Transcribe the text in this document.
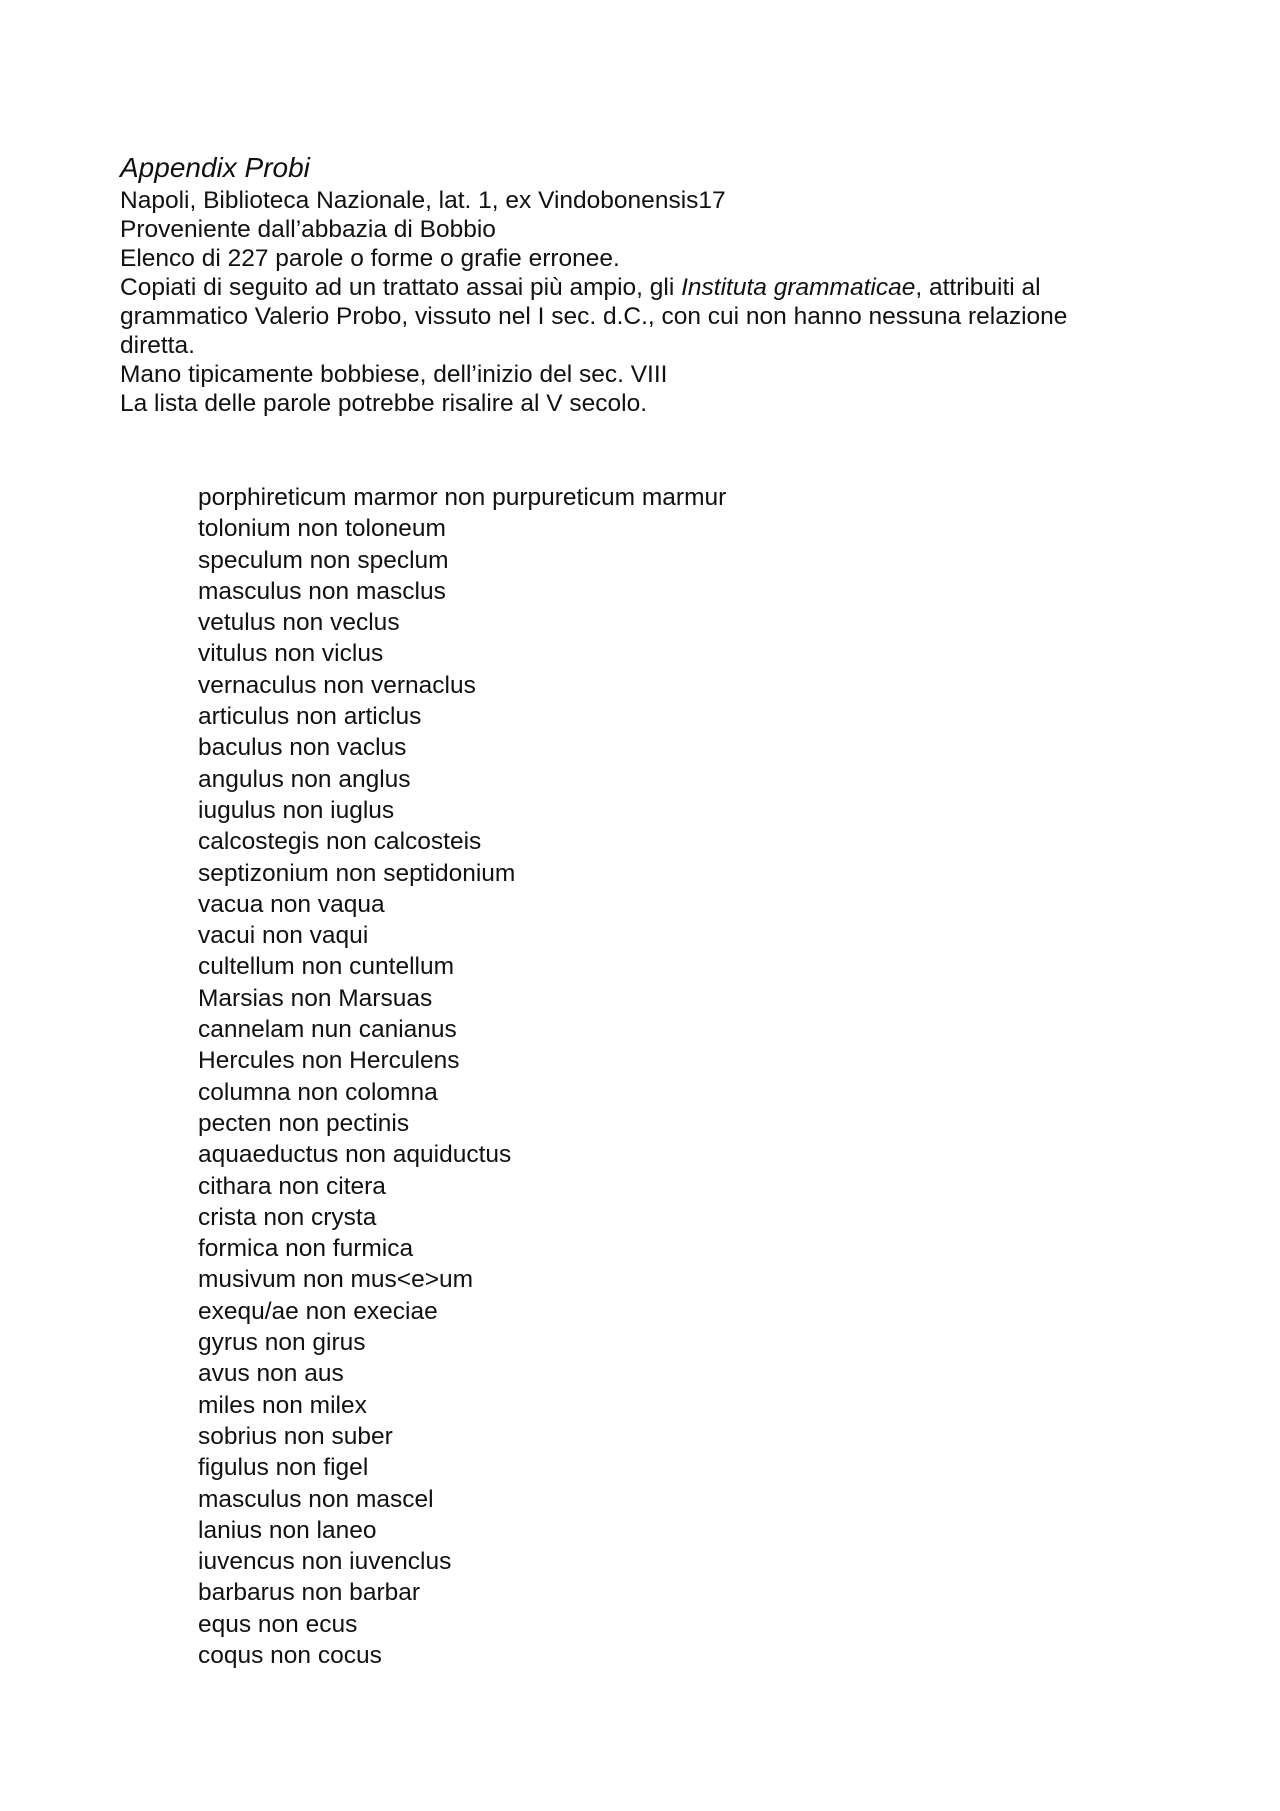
Appendix Probi

Napoli, Biblioteca Nazionale, lat. 1, ex Vindobonensis17

Proveniente dall’abbazia di Bobbio

Elenco di 227 parole o forme o grafie erronee.

Copiati di seguito ad un trattato assai più ampio, gli Instituta grammaticae, attribuiti al grammatico Valerio Probo, vissuto nel I sec. d.C., con cui non hanno nessuna relazione diretta.

Mano tipicamente bobbiese, dell’inizio del sec. VIII

La lista delle parole potrebbe risalire al V secolo.

porphireticum marmor non purpureticum marmur
tolonium non toloneum
speculum non speclum
masculus non masclus
vetulus non veclus
vitulus non viclus
vernaculus non vernaclus
articulus non articlus
baculus non vaclus
angulus non anglus
iugulus non iuglus
calcostegis non calcosteis
septizonium non septidonium
vacua non vaqua
vacui non vaqui
cultellum non cuntellum
Marsias non Marsuas
cannelam nun canianus
Hercules non Herculens
columna non colomna
pecten non pectinis
aquaeductus non aquiductus
cithara non citera
crista non crysta
formica non furmica
musivum non mus<e>um
exequ/ae non execiae
gyrus non girus
avus non aus
miles non milex
sobrius non suber
figulus non figel
masculus non mascel
lanius non laneo
iuvencus non iuvenclus
barbarus non barbar
equs non ecus
coqus non cocus
